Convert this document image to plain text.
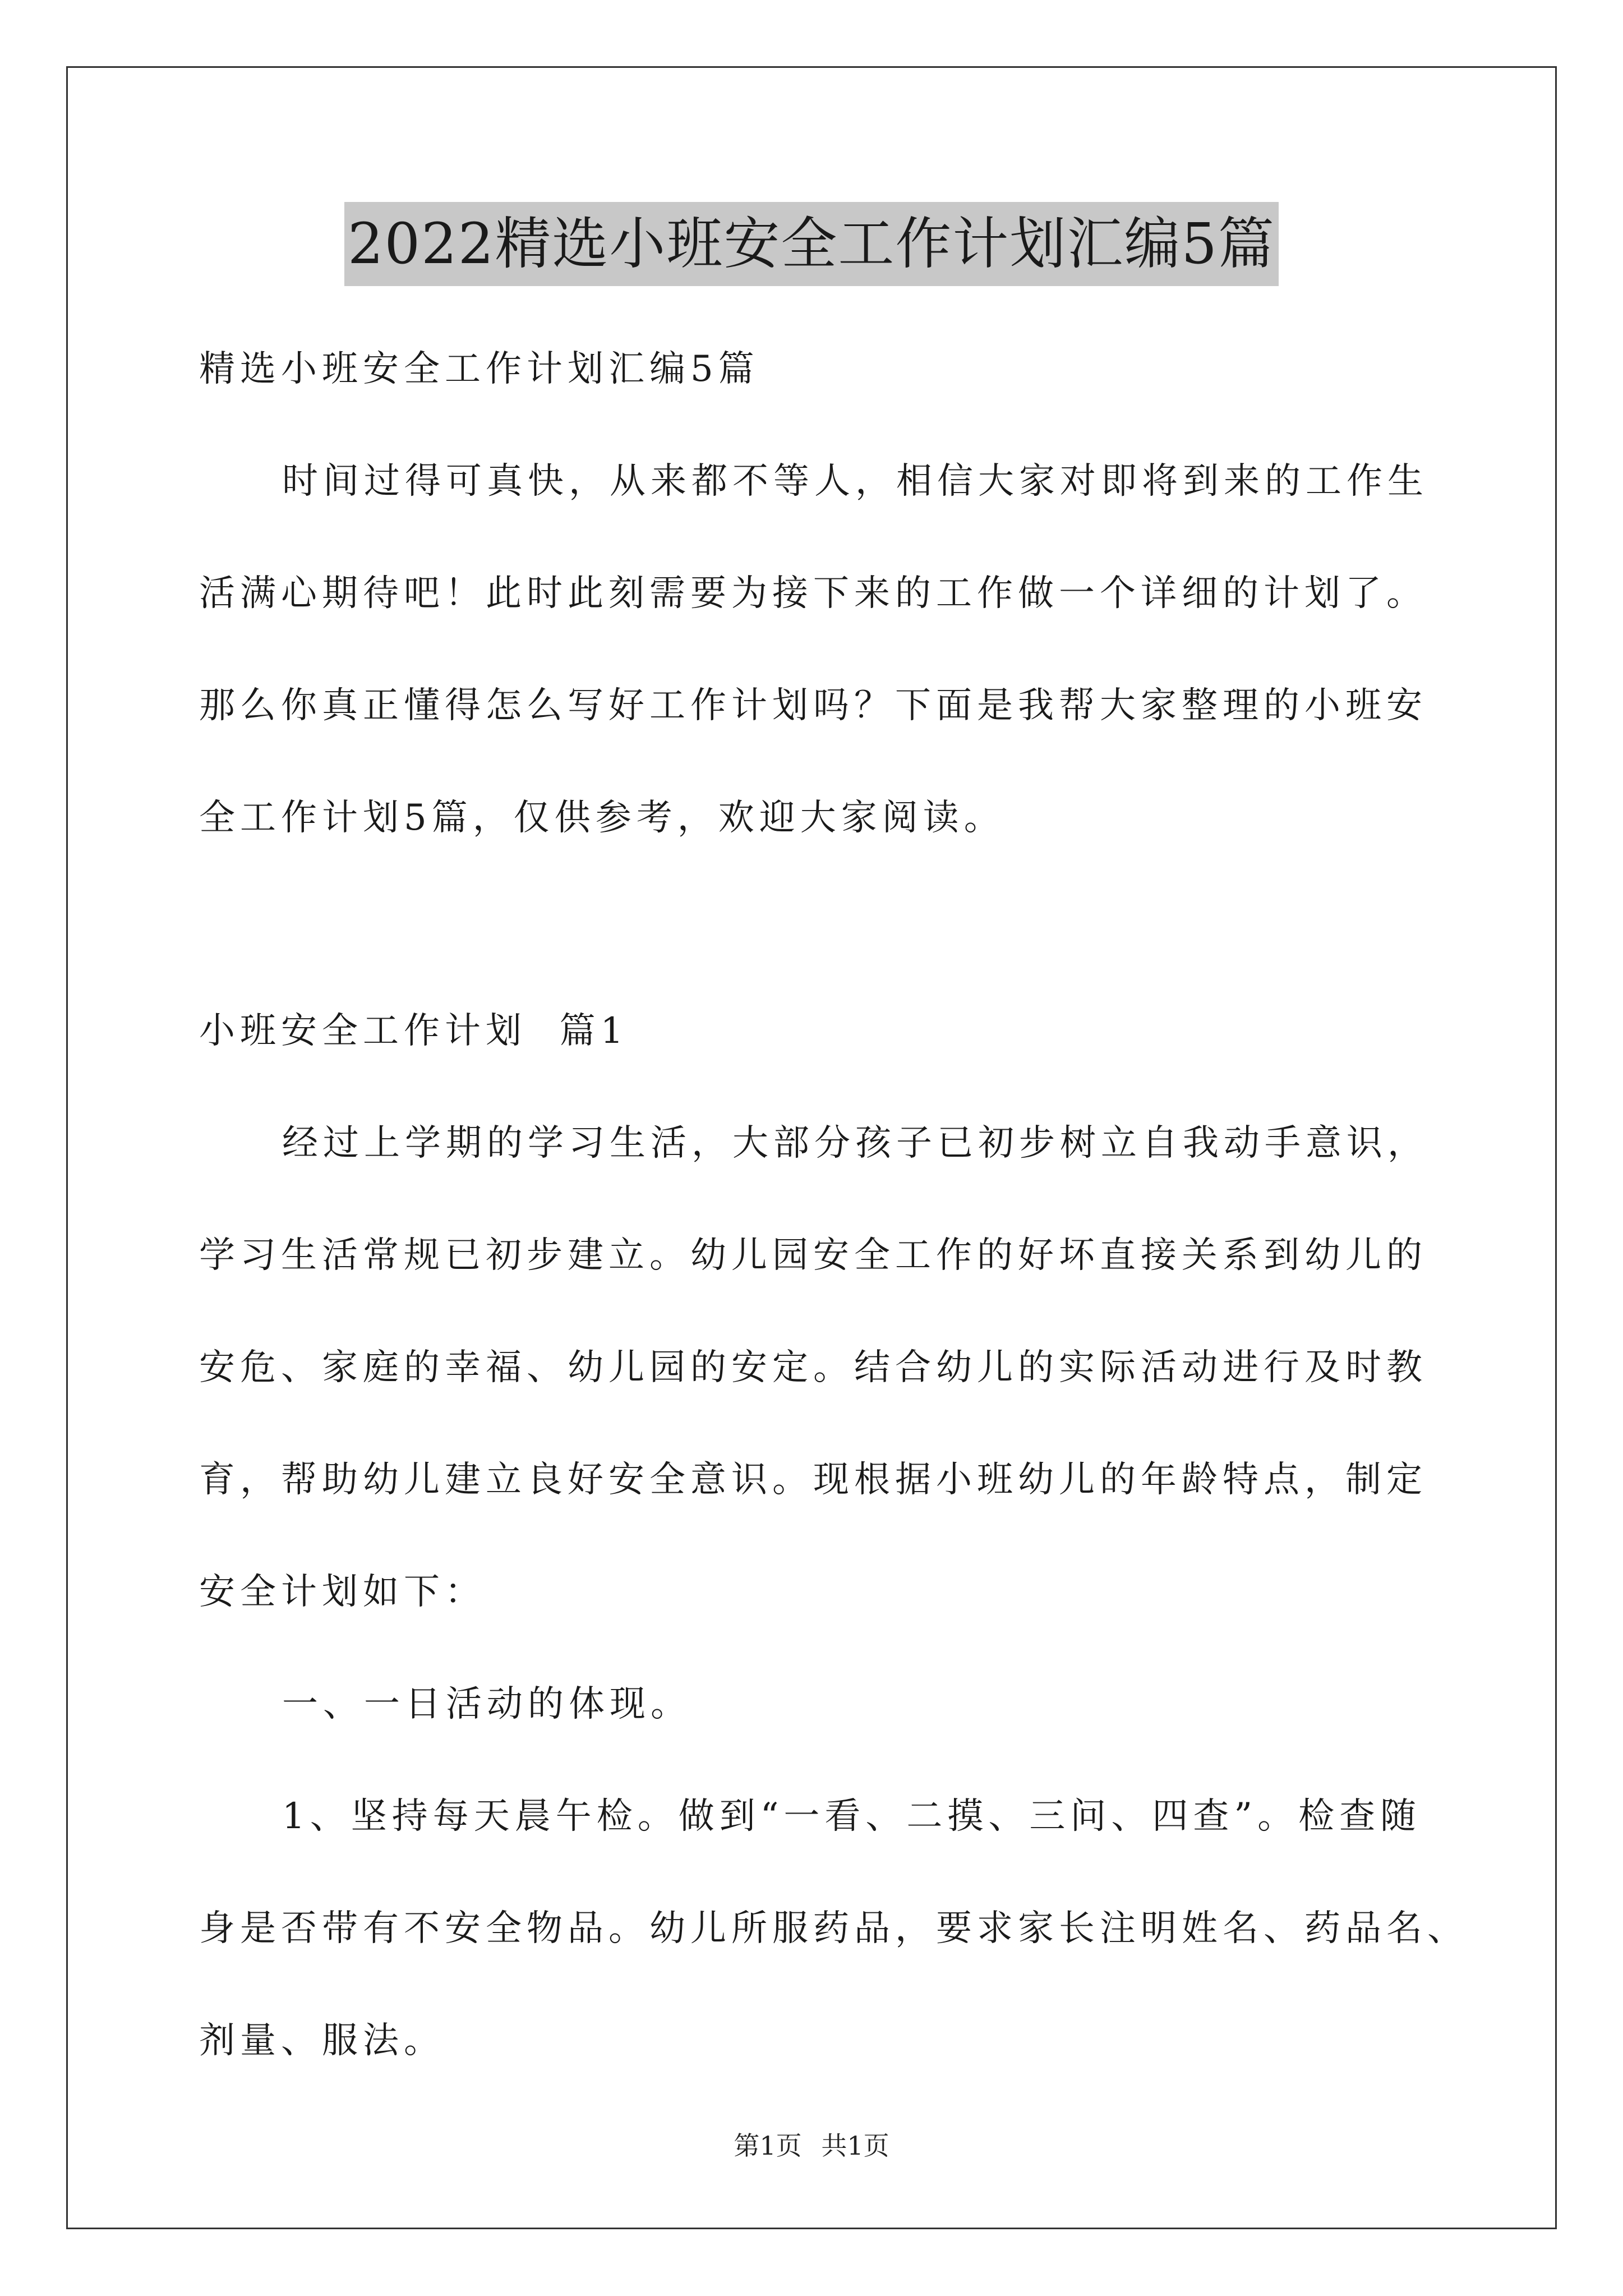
2022精选小班安全工作计划汇编5篇

精选小班安全工作计划汇编5篇

时间过得可真快，从来都不等人，相信大家对即将到来的工作生

活满心期待吧！此时此刻需要为接下来的工作做一个详细的计划了。

那么你真正懂得怎么写好工作计划吗？下面是我帮大家整理的小班安

全工作计划5篇，仅供参考，欢迎大家阅读。

小班安全工作计划  篇1

经过上学期的学习生活，大部分孩子已初步树立自我动手意识，

学习生活常规已初步建立。幼儿园安全工作的好坏直接关系到幼儿的

安危、家庭的幸福、幼儿园的安定。结合幼儿的实际活动进行及时教

育，帮助幼儿建立良好安全意识。现根据小班幼儿的年龄特点，制定

安全计划如下：

一、一日活动的体现。

1、坚持每天晨午检。做到“一看、二摸、三问、四查”。检查随

身是否带有不安全物品。幼儿所服药品，要求家长注明姓名、药品名、

剂量、服法。

第1页 共1页
